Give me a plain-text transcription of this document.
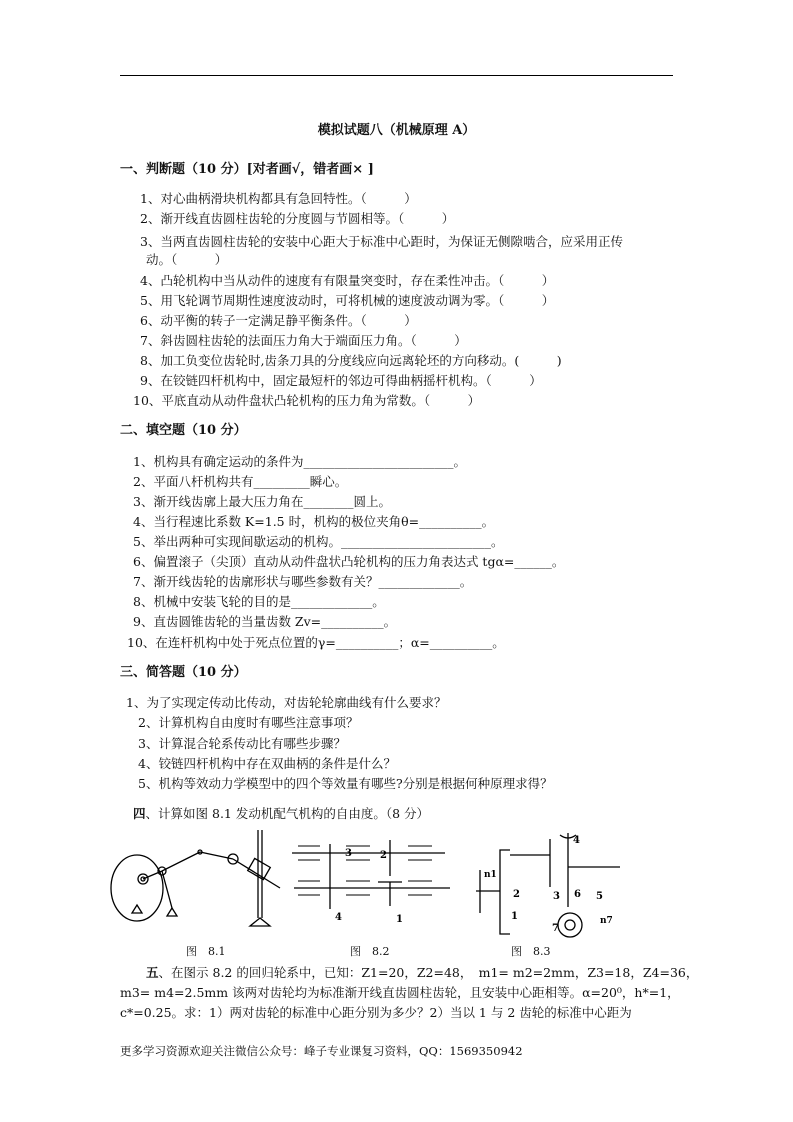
模拟试题八（机械原理 A）
一、判断题（10 分）[对者画√，错者画× ]
1、对心曲柄滑块机构都具有急回特性。（　　　）
2、渐开线直齿圆柱齿轮的分度圆与节圆相等。（　　　）
3、当两直齿圆柱齿轮的安装中心距大于标准中心距时，为保证无侧隙啮合，应采用正传
动。（　　　）
4、凸轮机构中当从动件的速度有有限量突变时，存在柔性冲击。（　　　）
5、用飞轮调节周期性速度波动时，可将机械的速度波动调为零。（　　　）
6、动平衡的转子一定满足静平衡条件。（　　　）
7、斜齿圆柱齿轮的法面压力角大于端面压力角。（　　　）
8、加工负变位齿轮时,齿条刀具的分度线应向远离轮坯的方向移动。(　　　)
9、在铰链四杆机构中，固定最短杆的邻边可得曲柄摇杆机构。（　　　）
10、平底直动从动件盘状凸轮机构的压力角为常数。（　　　）
二、填空题（10 分）
1、机构具有确定运动的条件为________________________。
2、平面八杆机构共有_________瞬心。
3、渐开线齿廓上最大压力角在________圆上。
4、当行程速比系数 K=1.5 时，机构的极位夹角θ=__________。
5、举出两种可实现间歇运动的机构。________________________。
6、偏置滚子（尖顶）直动从动件盘状凸轮机构的压力角表达式 tgα=______。
7、渐开线齿轮的齿廓形状与哪些参数有关？_____________。
8、机械中安装飞轮的目的是_____________。
9、直齿圆锥齿轮的当量齿数 Zv=__________。
10、在连杆机构中处于死点位置的γ=__________；α=__________。
三、简答题（10 分）
1、为了实现定传动比传动，对齿轮轮廓曲线有什么要求？
2、计算机构自由度时有哪些注意事项？
3、计算混合轮系传动比有哪些步骤？
4、铰链四杆机构中存在双曲柄的条件是什么？
5、机构等效动力学模型中的四个等效量有哪些?分别是根据何种原理求得？
四、计算如图 8.1 发动机配气机构的自由度。（8 分）
3	2
4	1
4
n1
2	3 6 5
1
7
n7
图　8.1	图　8.2	图　8.3
五、在图示 8.2 的回归轮系中，已知：Z1=20，Z2=48，　m1= m2=2mm，Z3=18，Z4=36，
m3= m4=2.5mm 该两对齿轮均为标准渐开线直齿圆柱齿轮，且安装中心距相等。α=20⁰，h*=1，
c*=0.25。求：1）两对齿轮的标准中心距分别为多少？2）当以 1 与 2 齿轮的标准中心距为
更多学习资源欢迎关注微信公众号：峰子专业课复习资料，QQ：1569350942
